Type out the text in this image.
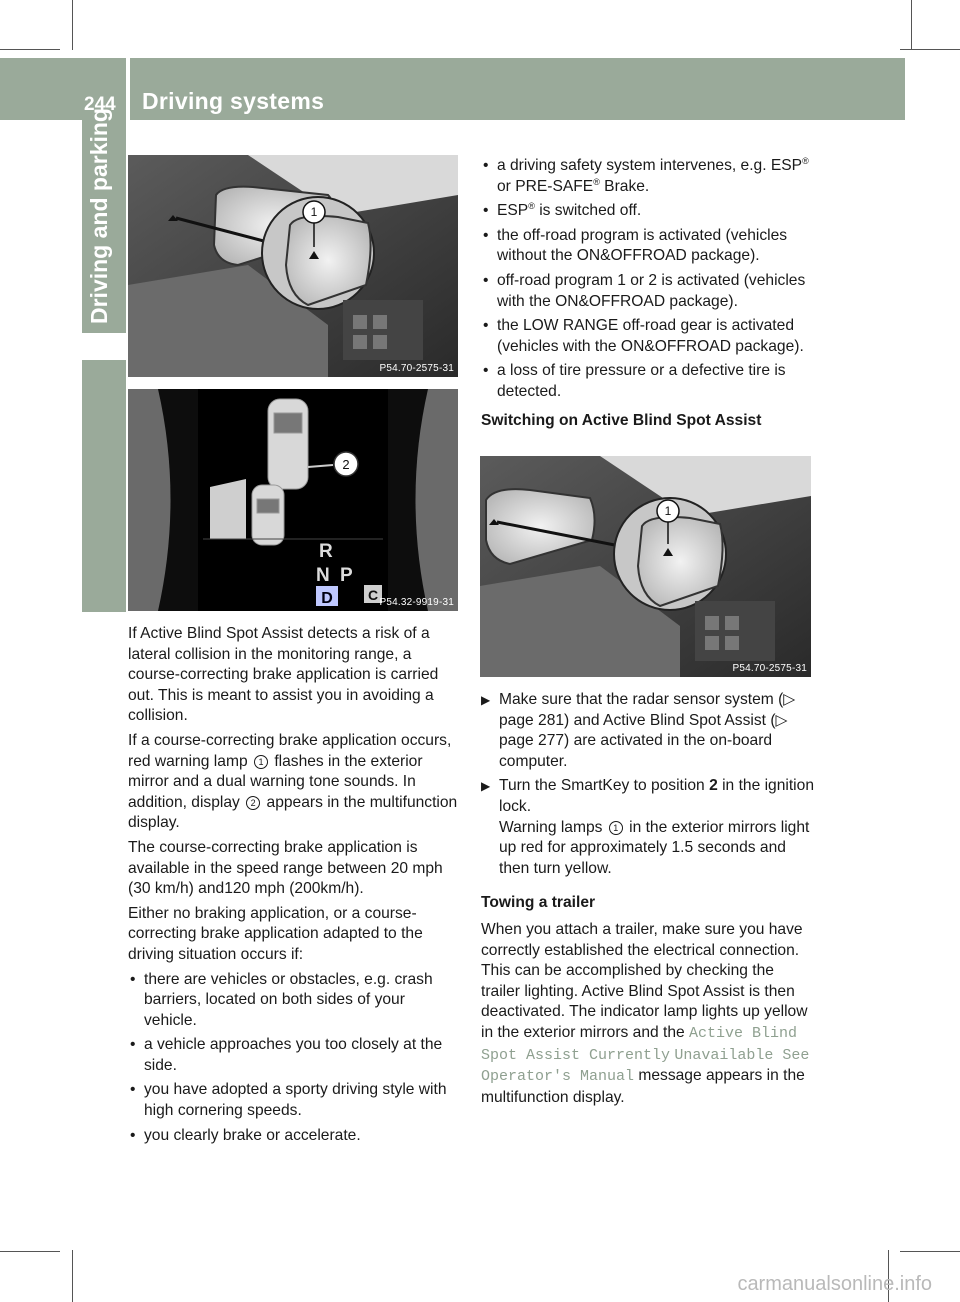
244 Driving systems
Driving and parking	1
P54.70-2575-31
2
R
N P
D	C P54.32-9919-31
1
P54.70-2575-31

If Active Blind Spot Assist detects a risk of a lateral collision in the monitoring range, a course-correcting brake application is carried out. This is meant to assist you in avoiding a collision.

If a course-correcting brake application occurs, red warning lamp 1 flashes in the exterior mirror and a dual warning tone sounds. In addition, display 2 appears in the multifunction display.

The course-correcting brake application is available in the speed range between 20 mph (30 km/h) and120 mph (200km/h).

Either no braking application, or a course-correcting brake application adapted to the driving situation occurs if:

• there are vehicles or obstacles, e.g. crash barriers, located on both sides of your vehicle.
• a vehicle approaches you too closely at the side.
• you have adopted a sporty driving style with high cornering speeds.
• you clearly brake or accelerate.
• a driving safety system intervenes, e.g. ESP® or PRE-SAFE® Brake.
• ESP® is switched off.
• the off-road program is activated (vehicles without the ON&OFFROAD package).
• off-road program 1 or 2 is activated (vehicles with the ON&OFFROAD package).
• the LOW RANGE off-road gear is activated (vehicles with the ON&OFFROAD package).
• a loss of tire pressure or a defective tire is detected.
Switching on Active Blind Spot Assist
▶ Make sure that the radar sensor system (▷ page 281) and Active Blind Spot Assist (▷ page 277) are activated in the on-board computer.
▶ Turn the SmartKey to position 2 in the ignition lock.
Warning lamps 1 in the exterior mirrors light up red for approximately 1.5 seconds and then turn yellow.
Towing a trailer

When you attach a trailer, make sure you have correctly established the electrical connection. This can be accomplished by checking the trailer lighting. Active Blind Spot Assist is then deactivated. The indicator lamp lights up yellow in the exterior mirrors and the Active Blind Spot Assist Currently Unavailable See Operator's Manual message appears in the multifunction display.

carmanualsonline.info
